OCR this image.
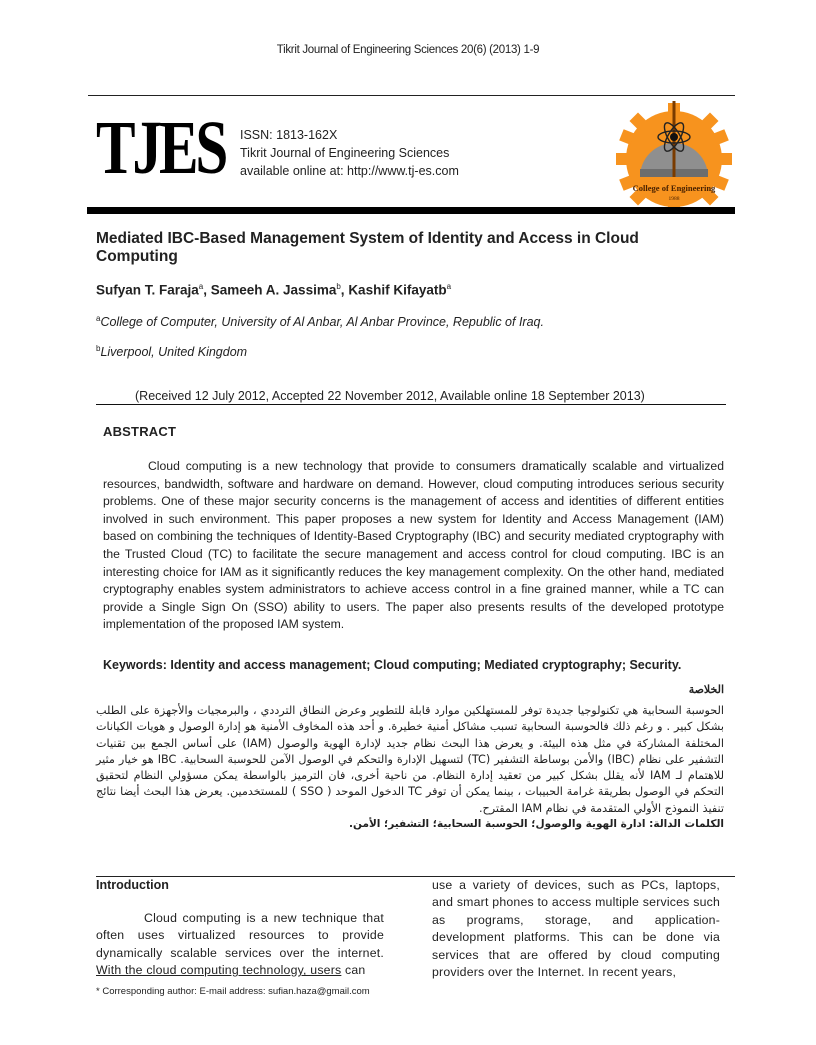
Tikrit Journal of Engineering Sciences 20(6) (2013) 1-9
TJES ISSN: 1813-162X
Tikrit Journal of Engineering Sciences
available online at: http://www.tj-es.com
College of Engineering
1988
Mediated IBC-Based Management System of Identity and Access in Cloud Computing
Sufyan T. Faraja$^a$, Sameeh A. Jassima$^b$, Kashif Kifayatb$^a$
$^a$College of Computer, University of Al Anbar, Al Anbar Province, Republic of Iraq.
$^b$Liverpool, United Kingdom
(Received 12 July 2012, Accepted 22 November 2012, Available online 18 September 2013)
ABSTRACT
Cloud computing is a new technology that provide to consumers dramatically scalable and virtualized resources, bandwidth, software and hardware on demand. However, cloud computing introduces serious security problems. One of these major security concerns is the management of access and identities of different entities involved in such environment. This paper proposes a new system for Identity and Access Management (IAM) based on combining the techniques of Identity-Based Cryptography (IBC) and security mediated cryptography with the Trusted Cloud (TC) to facilitate the secure management and access control for cloud computing. IBC is an interesting choice for IAM as it significantly reduces the key management complexity. On the other hand, mediated cryptography enables system administrators to achieve access control in a fine grained manner, while a TC can provide a Single Sign On (SSO) ability to users. The paper also presents results of the developed prototype implementation of the proposed IAM system.
Keywords: Identity and access management; Cloud computing; Mediated cryptography; Security.
الخلاصة
الحوسبة السحابية هي تكنولوجيا جديدة توفر للمستهلكين موارد قابلة للتطوير وعرض النطاق الترددي ، والبرمجيات والأجهزة على الطلب بشكل كبير . و رغم ذلك فالحوسبة السحابية تسبب مشاكل أمنية خطيرة. و أحد هذه المخاوف الأمنية هو إدارة الوصول و هويات الكيانات المختلفة المشاركة في مثل هذه البيئة. و يعرض هذا البحث نظام جديد لإدارة الهوية والوصول (IAM) على أساس الجمع بين تقنيات التشفير على نظام (IBC) والأمن بوساطة التشفير (TC) لتسهيل الإدارة والتحكم في الوصول الآمن للحوسبة السحابية. IBC هو خيار مثير للاهتمام لـ IAM لأنه يقلل بشكل كبير من تعقيد إدارة النظام. من ناحية أخرى، فان الترميز بالواسطة يمكن مسؤولي النظام لتحقيق التحكم في الوصول بطريقة غرامة الحبيبات ، بينما يمكن أن توفر TC الدخول الموحد ( SSO ) للمستخدمين. يعرض هذا البحث أيضا نتائج تنفيذ النموذج الأولي المتقدمة في نظام IAM المقترح.
الكلمات الدالة: ادارة الهوية والوصول؛ الحوسبة السحابية؛ التشفير؛ الأمن.
Introduction
Cloud computing is a new technique that often uses virtualized resources to provide dynamically scalable services over the internet. With the cloud computing technology, users can
use a variety of devices, such as PCs, laptops, and smart phones to access multiple services such as programs, storage, and application-development platforms. This can be done via services that are offered by cloud computing providers over the Internet. In recent years,
* Corresponding author: E-mail address: sufian.haza@gmail.com
